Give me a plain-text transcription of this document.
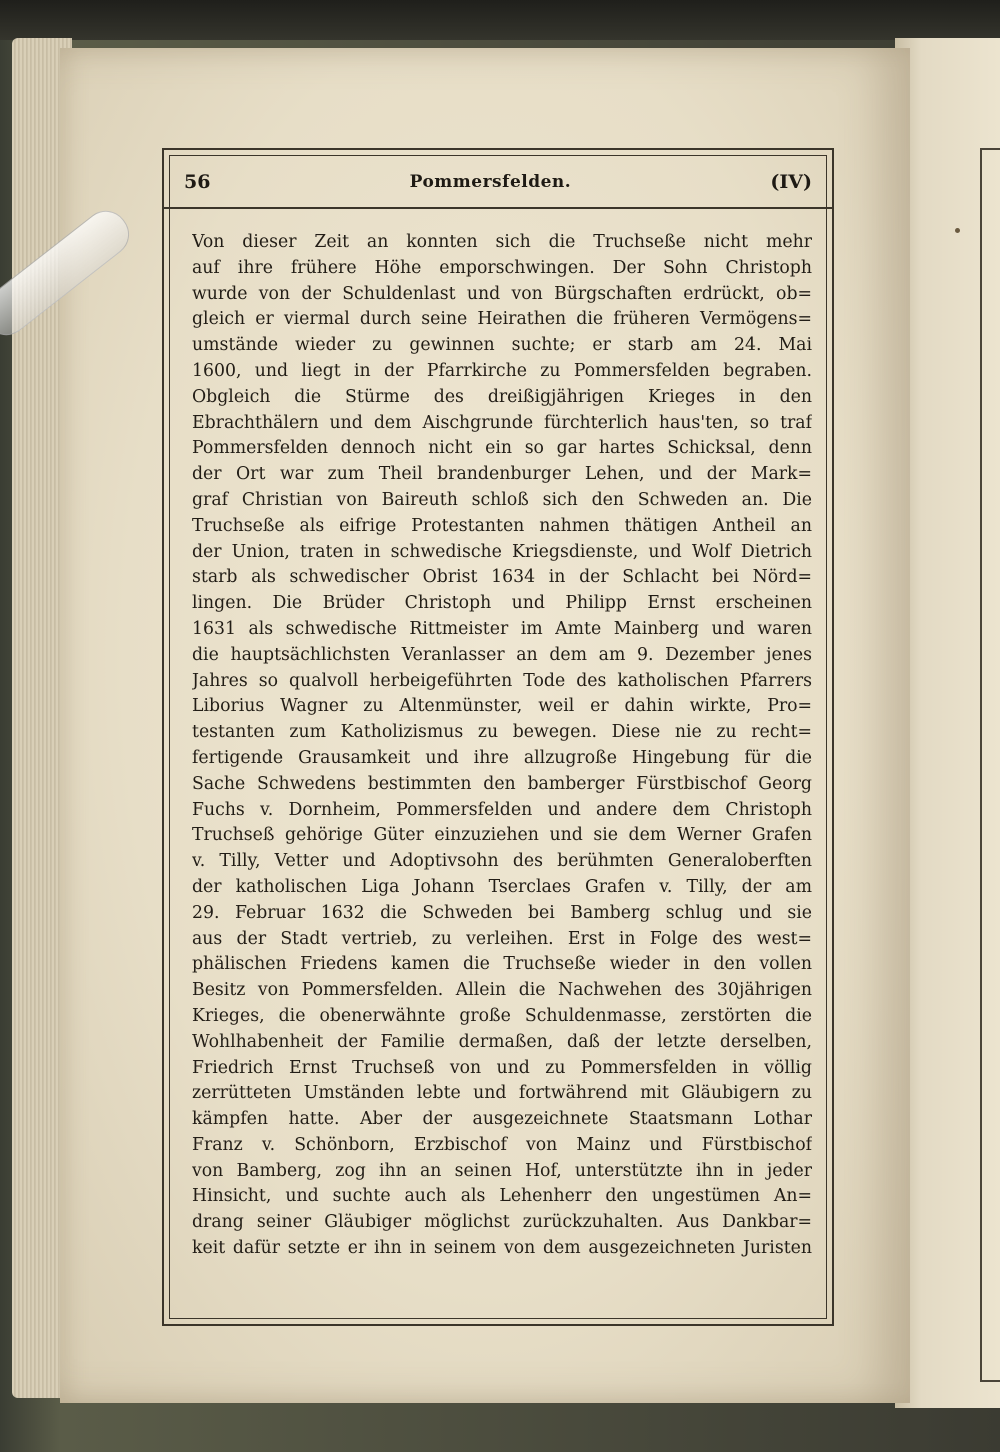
56	Pommersfelden.	(IV)
Von dieser Zeit an konnten sich die Truchseße nicht mehr
auf ihre frühere Höhe emporschwingen. Der Sohn Christoph
wurde von der Schuldenlast und von Bürgschaften erdrückt, ob=
gleich er viermal durch seine Heirathen die früheren Vermögens=
umstände wieder zu gewinnen suchte; er starb am 24. Mai
1600, und liegt in der Pfarrkirche zu Pommersfelden begraben.
Obgleich die Stürme des dreißigjährigen Krieges in den
Ebrachthälern und dem Aischgrunde fürchterlich haus'ten, so traf
Pommersfelden dennoch nicht ein so gar hartes Schicksal, denn
der Ort war zum Theil brandenburger Lehen, und der Mark=
graf Christian von Baireuth schloß sich den Schweden an. Die
Truchseße als eifrige Protestanten nahmen thätigen Antheil an
der Union, traten in schwedische Kriegsdienste, und Wolf Dietrich
starb als schwedischer Obrist 1634 in der Schlacht bei Nörd=
lingen. Die Brüder Christoph und Philipp Ernst erscheinen
1631 als schwedische Rittmeister im Amte Mainberg und waren
die hauptsächlichsten Veranlasser an dem am 9. Dezember jenes
Jahres so qualvoll herbeigeführten Tode des katholischen Pfarrers
Liborius Wagner zu Altenmünster, weil er dahin wirkte, Pro=
testanten zum Katholizismus zu bewegen. Diese nie zu recht=
fertigende Grausamkeit und ihre allzugroße Hingebung für die
Sache Schwedens bestimmten den bamberger Fürstbischof Georg
Fuchs v. Dornheim, Pommersfelden und andere dem Christoph
Truchseß gehörige Güter einzuziehen und sie dem Werner Grafen
v. Tilly, Vetter und Adoptivsohn des berühmten Generaloberften
der katholischen Liga Johann Tserclaes Grafen v. Tilly, der am
29. Februar 1632 die Schweden bei Bamberg schlug und sie
aus der Stadt vertrieb, zu verleihen. Erst in Folge des west=
phälischen Friedens kamen die Truchseße wieder in den vollen
Besitz von Pommersfelden. Allein die Nachwehen des 30jährigen
Krieges, die obenerwähnte große Schuldenmasse, zerstörten die
Wohlhabenheit der Familie dermaßen, daß der letzte derselben,
Friedrich Ernst Truchseß von und zu Pommersfelden in völlig
zerrütteten Umständen lebte und fortwährend mit Gläubigern zu
kämpfen hatte. Aber der ausgezeichnete Staatsmann Lothar
Franz v. Schönborn, Erzbischof von Mainz und Fürstbischof
von Bamberg, zog ihn an seinen Hof, unterstützte ihn in jeder
Hinsicht, und suchte auch als Lehenherr den ungestümen An=
drang seiner Gläubiger möglichst zurückzuhalten. Aus Dankbar=
keit dafür setzte er ihn in seinem von dem ausgezeichneten Juristen
